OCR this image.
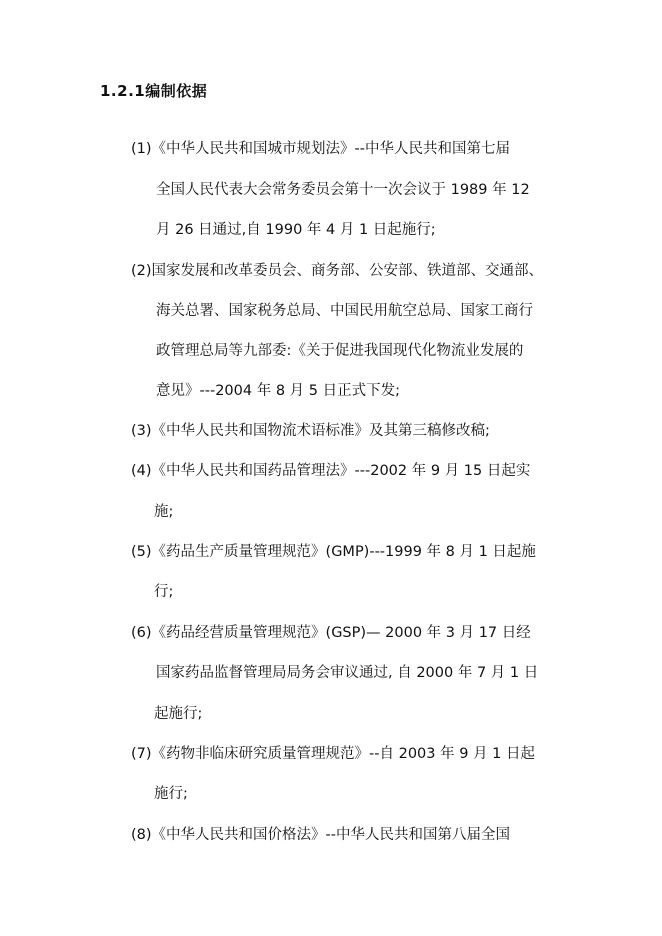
1.2.1编制依据
(1)《中华人民共和国城市规划法》--中华人民共和国第七届
全国人民代表大会常务委员会第十一次会议于 1989 年 12
月 26 日通过,自 1990 年 4 月 1 日起施行;
(2)国家发展和改革委员会、商务部、公安部、铁道部、交通部、
海关总署、国家税务总局、中国民用航空总局、国家工商行
政管理总局等九部委:《关于促进我国现代化物流业发展的
意见》---2004 年 8 月 5 日正式下发;
(3)《中华人民共和国物流术语标准》及其第三稿修改稿;
(4)《中华人民共和国药品管理法》---2002 年 9 月 15 日起实
施;
(5)《药品生产质量管理规范》(GMP)---1999 年 8 月 1 日起施
行;
(6)《药品经营质量管理规范》(GSP)— 2000 年 3 月 17 日经
国家药品监督管理局局务会审议通过, 自 2000 年 7 月 1 日
起施行;
(7)《药物非临床研究质量管理规范》--自 2003 年 9 月 1 日起
施行;
(8)《中华人民共和国价格法》--中华人民共和国第八届全国
